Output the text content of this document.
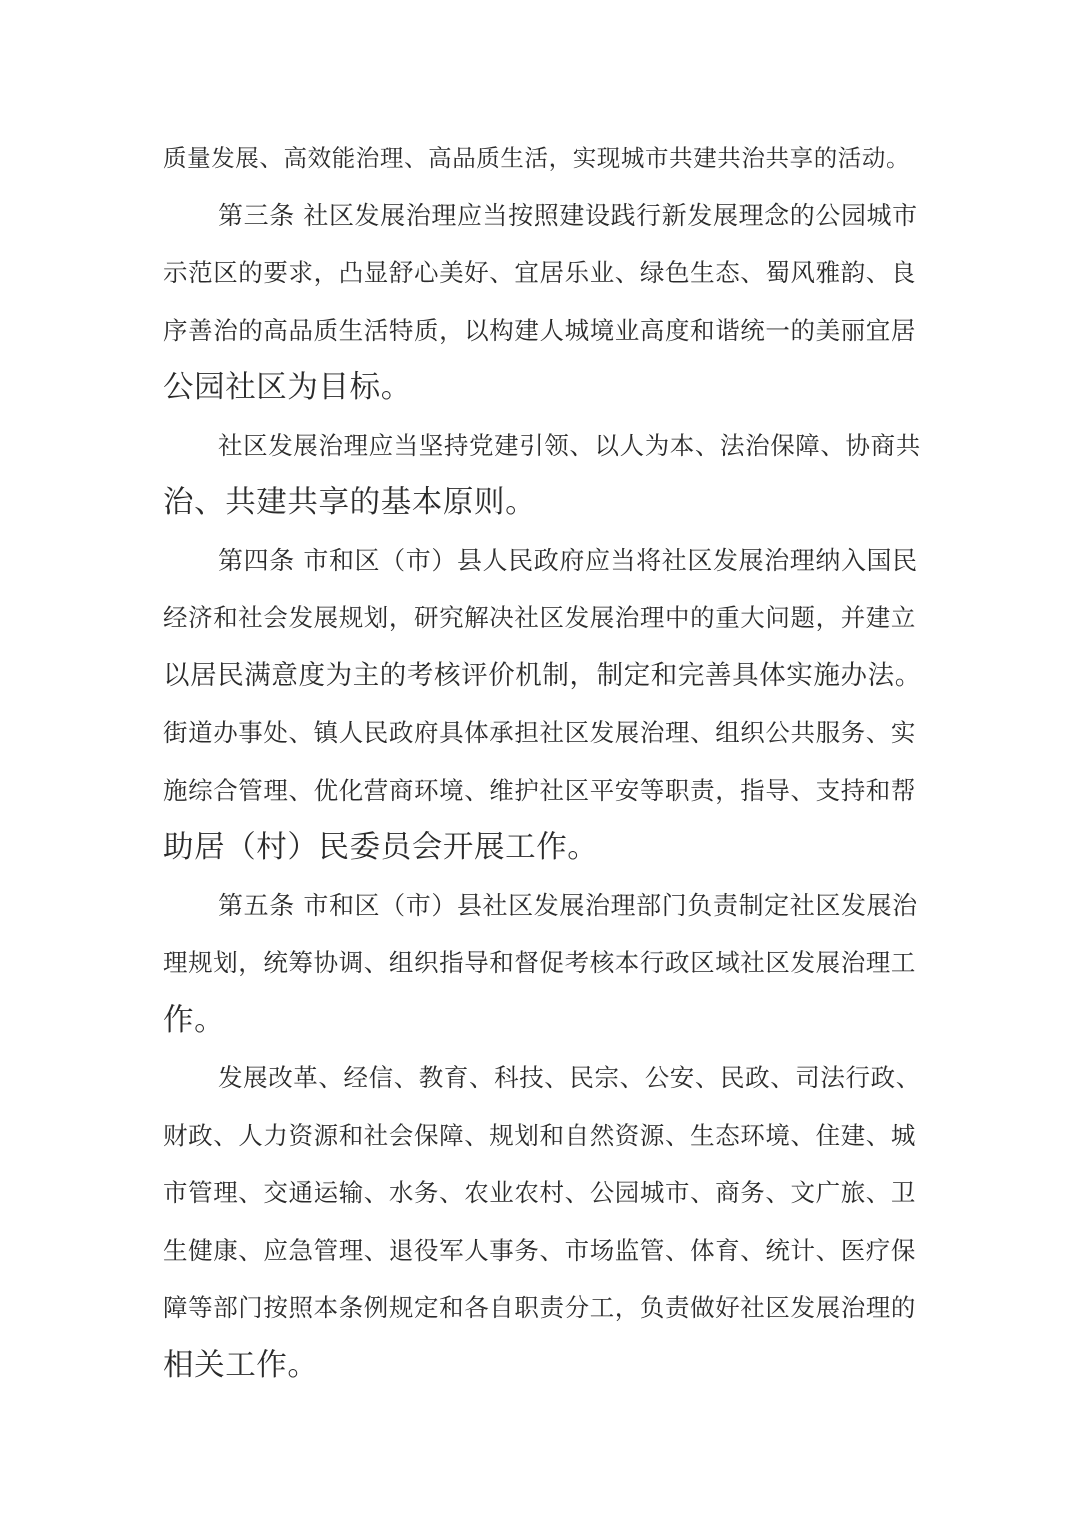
质量发展、高效能治理、高品质生活，实现城市共建共治共享的活动。
第三条 社区发展治理应当按照建设践行新发展理念的公园城市
示范区的要求，凸显舒心美好、宜居乐业、绿色生态、蜀风雅韵、良
序善治的高品质生活特质，以构建人城境业高度和谐统一的美丽宜居
公园社区为目标。
社区发展治理应当坚持党建引领、以人为本、法治保障、协商共
治、共建共享的基本原则。
第四条 市和区（市）县人民政府应当将社区发展治理纳入国民
经济和社会发展规划，研究解决社区发展治理中的重大问题，并建立
以居民满意度为主的考核评价机制，制定和完善具体实施办法。
街道办事处、镇人民政府具体承担社区发展治理、组织公共服务、实
施综合管理、优化营商环境、维护社区平安等职责，指导、支持和帮
助居（村）民委员会开展工作。
第五条 市和区（市）县社区发展治理部门负责制定社区发展治
理规划，统筹协调、组织指导和督促考核本行政区域社区发展治理工
作。
发展改革、经信、教育、科技、民宗、公安、民政、司法行政、
财政、人力资源和社会保障、规划和自然资源、生态环境、住建、城
市管理、交通运输、水务、农业农村、公园城市、商务、文广旅、卫
生健康、应急管理、退役军人事务、市场监管、体育、统计、医疗保
障等部门按照本条例规定和各自职责分工，负责做好社区发展治理的
相关工作。
